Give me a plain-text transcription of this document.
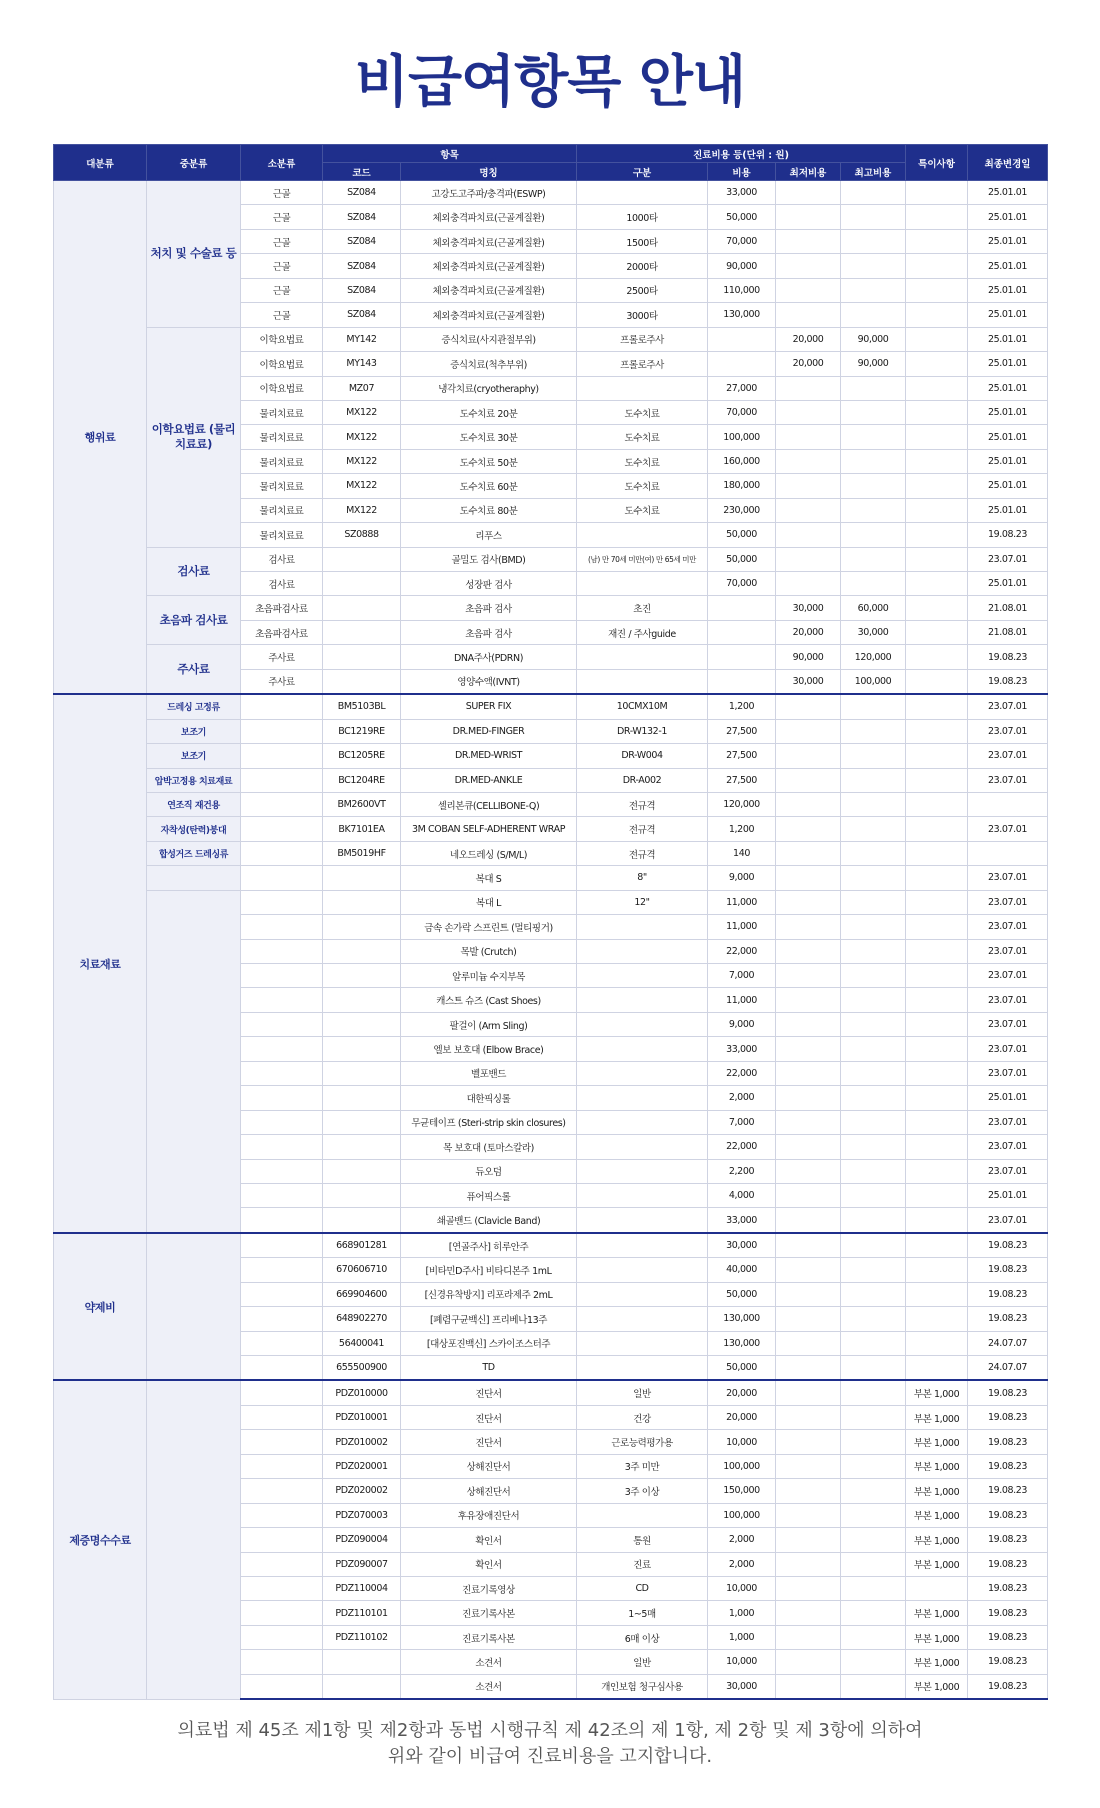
비급여항목 안내
대분류	중분류	소분류	항목		진료비용 등(단위 : 원)				특이사항	최종변경일
			코드	명칭	구분	비용	최저비용	최고비용		
행위료	처치 및 수술료 등	근골	SZ084	고강도고주파/충격파(ESWP)		33,000				25.01.01
		근골	SZ084	체외충격파치료(근골계질환)	1000타	50,000				25.01.01
		근골	SZ084	체외충격파치료(근골계질환)	1500타	70,000				25.01.01
		근골	SZ084	체외충격파치료(근골계질환)	2000타	90,000				25.01.01
		근골	SZ084	체외충격파치료(근골계질환)	2500타	110,000				25.01.01
		근골	SZ084	체외충격파치료(근골계질환)	3000타	130,000				25.01.01
	이학요법료 (물리치료료)	이학요법료	MY142	증식치료(사지관절부위)	프롤로주사		20,000	90,000		25.01.01
		이학요법료	MY143	증식치료(척추부위)	프롤로주사		20,000	90,000		25.01.01
		이학요법료	MZ07	냉각치료(cryotheraphy)		27,000				25.01.01
		물리치료료	MX122	도수치료 20분	도수치료	70,000				25.01.01
		물리치료료	MX122	도수치료 30분	도수치료	100,000				25.01.01
		물리치료료	MX122	도수치료 50분	도수치료	160,000				25.01.01
		물리치료료	MX122	도수치료 60분	도수치료	180,000				25.01.01
		물리치료료	MX122	도수치료 80분	도수치료	230,000				25.01.01
		물리치료료	SZ0888	리푸스		50,000				19.08.23
	검사료	검사료		골밀도 검사(BMD)	(남) 만 70세 미만(여) 만 65세 미만	50,000				23.07.01
		검사료		성장판 검사		70,000				25.01.01
	초음파 검사료	초음파검사료		초음파 검사	초진		30,000	60,000		21.08.01
		초음파검사료		초음파 검사	재진 / 주사guide		20,000	30,000		21.08.01
	주사료	주사료		DNA주사(PDRN)			90,000	120,000		19.08.23
		주사료		영양수액(IVNT)			30,000	100,000		19.08.23
치료재료	드레싱 고정류		BM5103BL	SUPER FIX	10CMX10M	1,200				23.07.01
	보조기		BC1219RE	DR.MED-FINGER	DR-W132-1	27,500				23.07.01
	보조기		BC1205RE	DR.MED-WRIST	DR-W004	27,500				23.07.01
	압박고정용 치료재료		BC1204RE	DR.MED-ANKLE	DR-A002	27,500				23.07.01
	연조직 재건용		BM2600VT	셀리본큐(CELLIBONE-Q)	전규격	120,000				
	자착성(탄력)붕대		BK7101EA	3M COBAN SELF-ADHERENT WRAP	전규격	1,200				23.07.01
	합성거즈 드레싱류		BM5019HF	네오드레싱 (S/M/L)	전규격	140				
				복대 S	8"	9,000				23.07.01
				복대 L	12"	11,000				23.07.01
				금속 손가락 스프린트 (멀티핑거)		11,000				23.07.01
				목발 (Crutch)		22,000				23.07.01
				알루미늄 수지부목		7,000				23.07.01
				캐스트 슈즈 (Cast Shoes)		11,000				23.07.01
				팔걸이 (Arm Sling)		9,000				23.07.01
				엘보 보호대 (Elbow Brace)		33,000				23.07.01
				벨포밴드		22,000				23.07.01
				대한픽싱롤		2,000				25.01.01
				무균테이프 (Steri-strip skin closures)		7,000				23.07.01
				목 보호대 (토마스칼라)		22,000				23.07.01
				듀오덤		2,200				23.07.01
				퓨어픽스롤		4,000				25.01.01
				쇄골밴드 (Clavicle Band)		33,000				23.07.01
약제비			668901281	[연골주사] 히루안주		30,000				19.08.23
			670606710	[비타민D주사] 비타디본주 1mL		40,000				19.08.23
			669904600	[신경유착방지] 리포라제주 2mL		50,000				19.08.23
			648902270	[폐렴구균백신] 프리베나13주		130,000				19.08.23
			56400041	[대상포진백신] 스카이조스터주		130,000				24.07.07
			655500900	TD		50,000				24.07.07
제증명수수료			PDZ010000	진단서	일반	20,000			부본 1,000	19.08.23
			PDZ010001	진단서	건강	20,000			부본 1,000	19.08.23
			PDZ010002	진단서	근로능력평가용	10,000			부본 1,000	19.08.23
			PDZ020001	상해진단서	3주 미만	100,000			부본 1,000	19.08.23
			PDZ020002	상해진단서	3주 이상	150,000			부본 1,000	19.08.23
			PDZ070003	후유장애진단서		100,000			부본 1,000	19.08.23
			PDZ090004	확인서	통원	2,000			부본 1,000	19.08.23
			PDZ090007	확인서	진료	2,000			부본 1,000	19.08.23
			PDZ110004	진료기록영상	CD	10,000				19.08.23
			PDZ110101	진료기록사본	1~5매	1,000			부본 1,000	19.08.23
			PDZ110102	진료기록사본	6매 이상	1,000			부본 1,000	19.08.23
				소견서	일반	10,000			부본 1,000	19.08.23
				소견서	개인보험 청구심사용	30,000			부본 1,000	19.08.23
의료법 제 45조 제1항 및 제2항과 동법 시행규칙 제 42조의 제 1항, 제 2항 및 제 3항에 의하여
위와 같이 비급여 진료비용을 고지합니다.
